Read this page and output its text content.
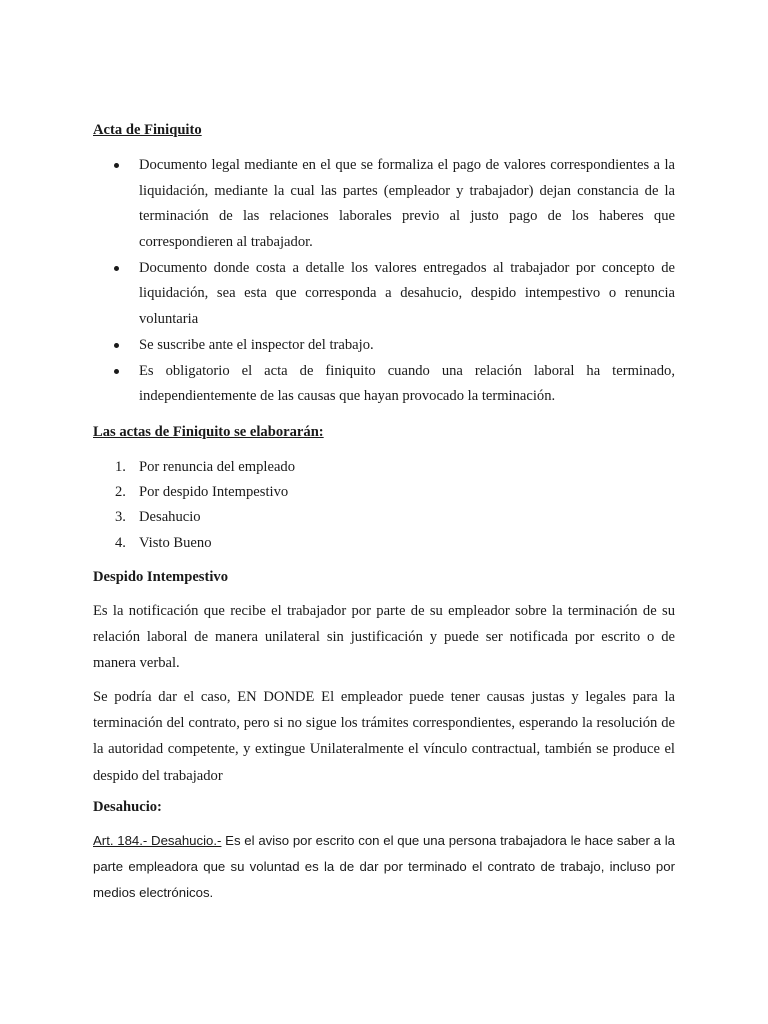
Acta de Finiquito
Documento legal mediante en el que se formaliza el pago de valores correspondientes a la liquidación, mediante la cual las partes (empleador y trabajador) dejan constancia de la terminación de las relaciones laborales previo al justo pago de los haberes que correspondieren al trabajador.
Documento donde costa a detalle los valores entregados al trabajador por concepto de liquidación, sea esta que corresponda a desahucio, despido intempestivo o renuncia voluntaria
Se suscribe ante el inspector del trabajo.
Es obligatorio el acta de finiquito cuando una relación laboral ha terminado, independientemente de las causas que hayan provocado la terminación.
Las actas de Finiquito se elaborarán:
1. Por renuncia del empleado
2. Por despido Intempestivo
3. Desahucio
4. Visto Bueno
Despido Intempestivo

Es la notificación que recibe el trabajador por parte de su empleador sobre la terminación de su relación laboral de manera unilateral sin justificación y puede ser notificada por escrito o de manera verbal.

Se podría dar el caso, EN DONDE El empleador puede tener causas justas y legales para la terminación del contrato, pero si no sigue los trámites correspondientes, esperando la resolución de la autoridad competente, y extingue Unilateralmente el vínculo contractual, también se produce el despido del trabajador

Desahucio:

Art. 184.- Desahucio.- Es el aviso por escrito con el que una persona trabajadora le hace saber a la parte empleadora que su voluntad es la de dar por terminado el contrato de trabajo, incluso por medios electrónicos.
